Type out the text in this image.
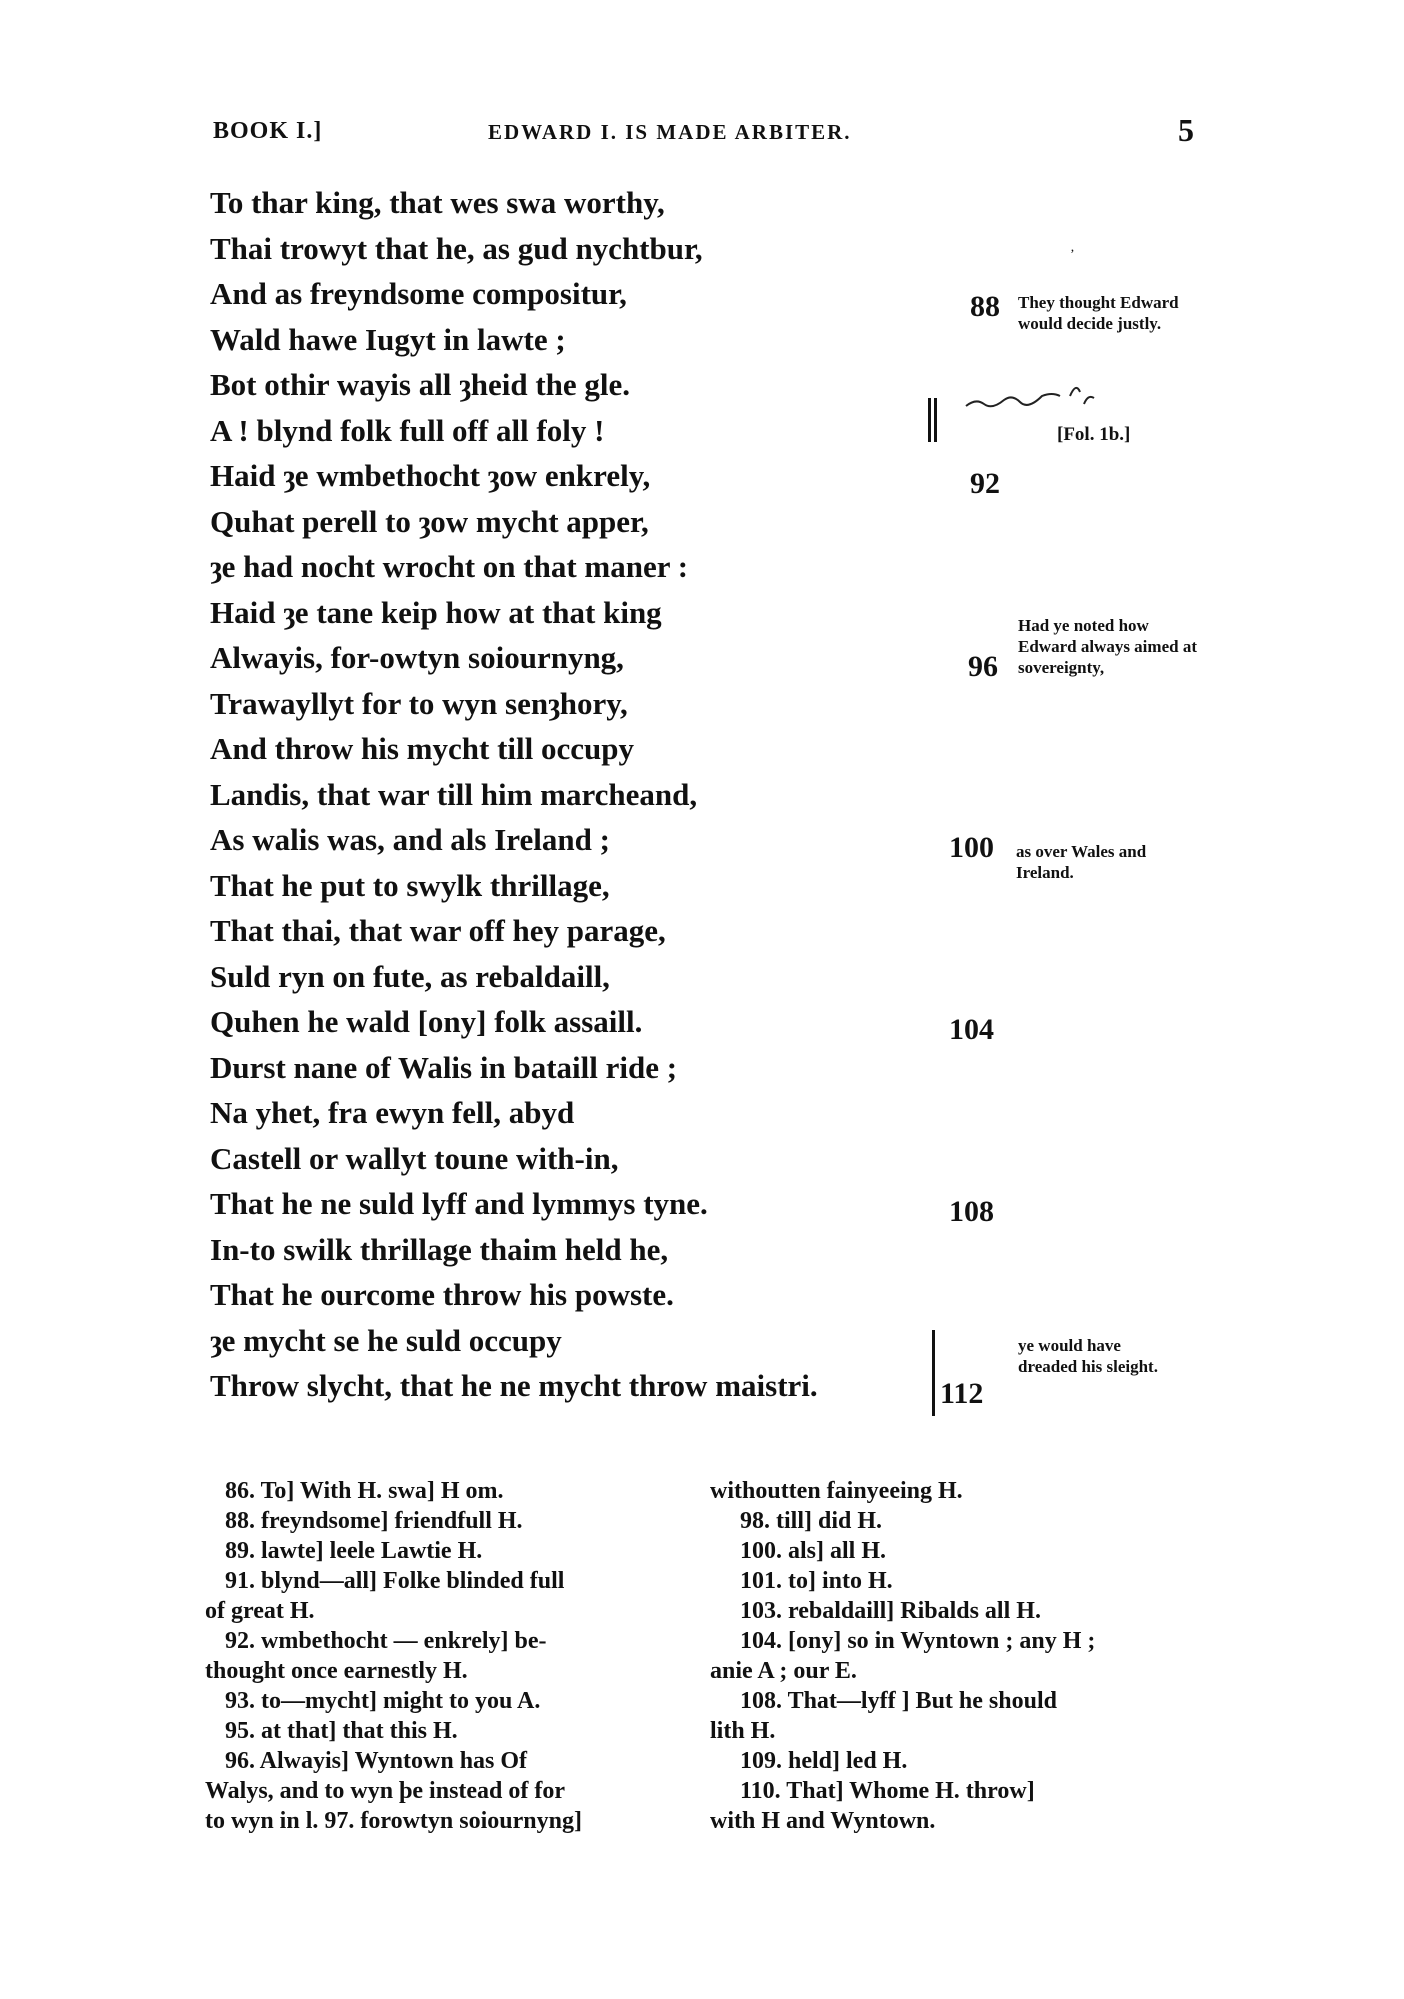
BOOK I.]	EDWARD I. IS MADE ARBITER.	5
To thar king, that wes swa worthy,
Thai trowyt that he, as gud nychtbur,
And as freyndsome compositur,
Wald hawe Iugyt in lawte ;
Bot othir wayis all ȝheid the gle.
A ! blynd folk full off all foly !
Haid ȝe wmbethocht ȝow enkrely,
Quhat perell to ȝow mycht apper,
ȝe had nocht wrocht on that maner :
Haid ȝe tane keip how at that king
Alwayis, for-owtyn soiournyng,
Trawayllyt for to wyn senȝhory,
And throw his mycht till occupy
Landis, that war till him marcheand,
As walis was, and als Ireland ;
That he put to swylk thrillage,
That thai, that war off hey parage,
Suld ryn on fute, as rebaldaill,
Quhen he wald [ony] folk assaill.
Durst nane of Walis in bataill ride ;
Na yhet, fra ewyn fell, abyd
Castell or wallyt toune with-in,
That he ne suld lyff and lymmys tyne.
In-to swilk thrillage thaim held he,
That he ourcome throw his powste.
ȝe mycht se he suld occupy
Throw slycht, that he ne mycht throw maistri.
88
92
96
100
104
108
112
‚
They thought Edward would decide justly.
[Fol. 1b.]
Had ye noted how Edward always aimed at sovereignty,
as over Wales and Ireland.
ye would have dreaded his sleight.
86. To] With H. swa] H om.
88. freyndsome] friendfull H.
89. lawte] leele Lawtie H.
91. blynd—all] Folke blinded full
of great H.
92. wmbethocht — enkrely] be-
thought once earnestly H.
93. to—mycht] might to you A.
95. at that] that this H.
96. Alwayis] Wyntown has Of
Walys, and to wyn þe instead of for
to wyn in l. 97. forowtyn soiournyng]
withoutten fainyeeing H.
98. till] did H.
100. als] all H.
101. to] into H.
103. rebaldaill] Ribalds all H.
104. [ony] so in Wyntown ; any H ;
anie A ; our E.
108. That—lyff ] But he should
lith H.
109. held] led H.
110. That] Whome H. throw]
with H and Wyntown.
